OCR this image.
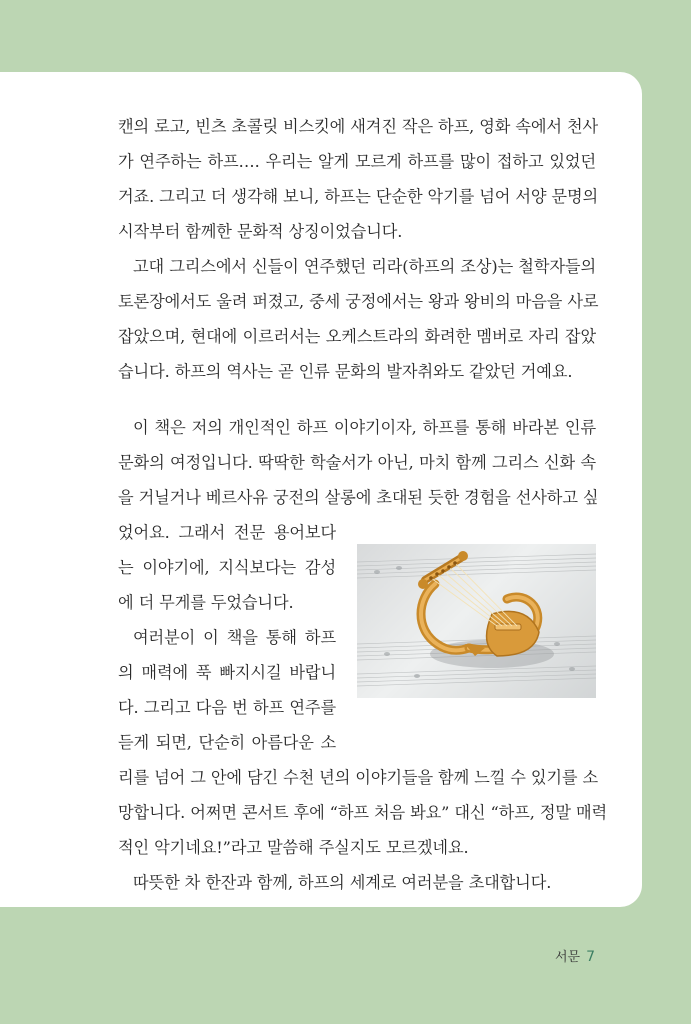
캔의 로고, 빈츠 초콜릿 비스킷에 새겨진 작은 하프, 영화 속에서 천사

가 연주하는 하프…. 우리는 알게 모르게 하프를 많이 접하고 있었던

거죠. 그리고 더 생각해 보니, 하프는 단순한 악기를 넘어 서양 문명의

시작부터 함께한 문화적 상징이었습니다.

고대 그리스에서 신들이 연주했던 리라(하프의 조상)는 철학자들의

토론장에서도 울려 퍼졌고, 중세 궁정에서는 왕과 왕비의 마음을 사로

잡았으며, 현대에 이르러서는 오케스트라의 화려한 멤버로 자리 잡았

습니다. 하프의 역사는 곧 인류 문화의 발자취와도 같았던 거예요.

이 책은 저의 개인적인 하프 이야기이자, 하프를 통해 바라본 인류

문화의 여정입니다. 딱딱한 학술서가 아닌, 마치 함께 그리스 신화 속

을 거닐거나 베르사유 궁전의 살롱에 초대된 듯한 경험을 선사하고 싶

었어요. 그래서 전문 용어보다

는 이야기에, 지식보다는 감성

에 더 무게를 두었습니다.

여러분이 이 책을 통해 하프

의 매력에 푹 빠지시길 바랍니

다. 그리고 다음 번 하프 연주를

듣게 되면, 단순히 아름다운 소

리를 넘어 그 안에 담긴 수천 년의 이야기들을 함께 느낄 수 있기를 소

망합니다. 어쩌면 콘서트 후에 “하프 처음 봐요” 대신 “하프, 정말 매력

적인 악기네요!”라고 말씀해 주실지도 모르겠네요.

따뜻한 차 한잔과 함께, 하프의 세계로 여러분을 초대합니다.

서문 7
